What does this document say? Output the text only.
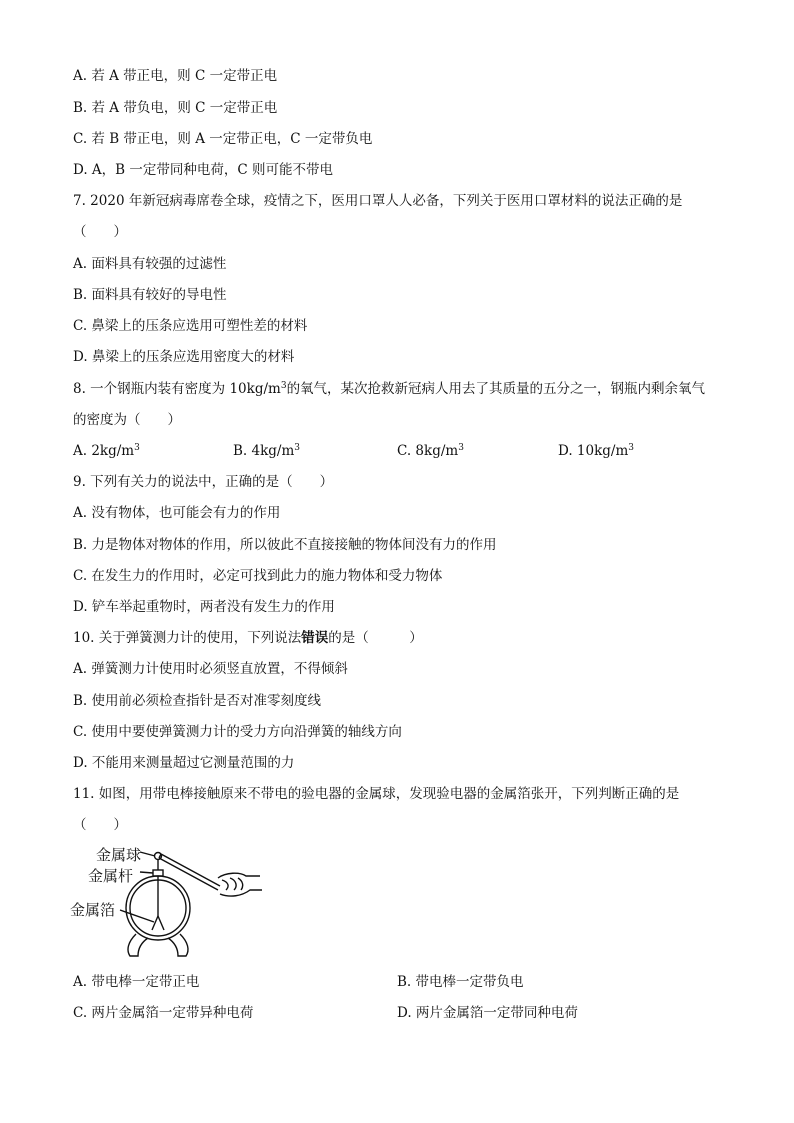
A. 若 A 带正电，则 C 一定带正电
B. 若 A 带负电，则 C 一定带正电
C. 若 B 带正电，则 A 一定带正电，C 一定带负电
D. A，B 一定带同种电荷，C 则可能不带电
7. 2020 年新冠病毒席卷全球，疫情之下，医用口罩人人必备，下列关于医用口罩材料的说法正确的是
（　　）
A. 面料具有较强的过滤性
B. 面料具有较好的导电性
C. 鼻梁上的压条应选用可塑性差的材料
D. 鼻梁上的压条应选用密度大的材料
8. 一个钢瓶内装有密度为 $10kg/m^3$的氧气，某次抢救新冠病人用去了其质量的五分之一，钢瓶内剩余氧气
的密度为（　　）
A. $2kg/m^3$	B. $4kg/m^3$	C. $8kg/m^3$	D. $10kg/m^3$
9. 下列有关力的说法中，正确的是（　　）
A. 没有物体，也可能会有力的作用
B. 力是物体对物体的作用，所以彼此不直接接触的物体间没有力的作用
C. 在发生力的作用时，必定可找到此力的施力物体和受力物体
D. 铲车举起重物时，两者没有发生力的作用
10. 关于弹簧测力计的使用，下列说法错误的是（　　　）
A. 弹簧测力计使用时必须竖直放置，不得倾斜
B. 使用前必须检查指针是否对准零刻度线
C. 使用中要使弹簧测力计的受力方向沿弹簧的轴线方向
D. 不能用来测量超过它测量范围的力
11. 如图，用带电棒接触原来不带电的验电器的金属球，发现验电器的金属箔张开，下列判断正确的是
（　　）
金属球
金属杆
金属箔
A. 带电棒一定带正电	B. 带电棒一定带负电
C. 两片金属箔一定带异种电荷	D. 两片金属箔一定带同种电荷
